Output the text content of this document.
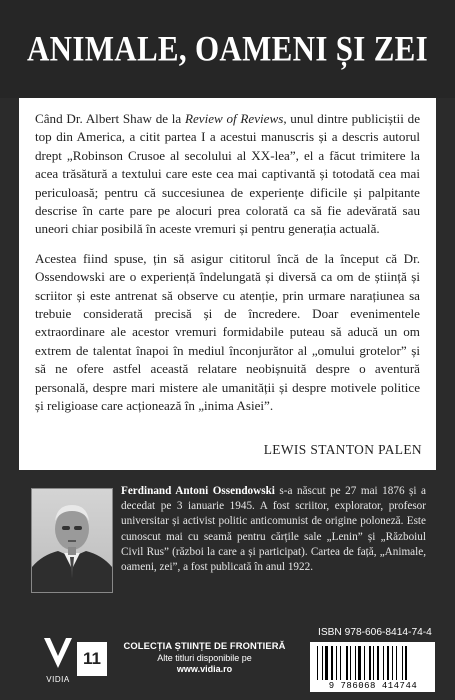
ANIMALE, OAMENI ȘI ZEI

Când Dr. Albert Shaw de la Review of Reviews, unul dintre publiciștii de top din America, a citit partea I a acestui manuscris și a descris autorul drept „Robinson Crusoe al secolului al XX-lea”, el a făcut trimitere la acea trăsătură a textului care este cea mai captivantă și totodată cea mai periculoasă; pentru că succesiunea de experiențe dificile și palpitante descrise în carte pare pe alocuri prea colorată ca să fie adevărată sau uneori chiar posibilă în aceste vremuri și pentru generația actuală.

Acestea fiind spuse, țin să asigur cititorul încă de la început că Dr. Ossendowski are o experiență îndelungată și diversă ca om de știință și scriitor și este antrenat să observe cu atenție, prin urmare narațiunea sa trebuie considerată precisă și de încredere. Doar evenimentele extraordinare ale acestor vremuri formidabile puteau să aducă un om extrem de talentat înapoi în mediul înconjurător al „omului grotelor” și să ne ofere astfel această relatare neobișnuită despre o aventură personală, despre mari mistere ale umanității și despre motivele politice și religioase care acționează în „inima Asiei”.

LEWIS STANTON PALEN
Ferdinand Antoni Ossendowski s-a născut pe 27 mai 1876 și a decedat pe 3 ianuarie 1945. A fost scriitor, explorator, profesor universitar și activist politic anticomunist de origine poloneză. Este cunoscut mai cu seamă pentru cărțile sale „Lenin” și „Războiul Civil Rus” (război la care a și participat). Cartea de față, „Animale, oameni, zei”, a fost publicată în anul 1922.
VIDIA
11
COLECȚIA ȘTIINȚE DE FRONTIERĂ
Alte titluri disponibile pe
www.vidia.ro
ISBN 978-606-8414-74-4
9 786068 414744
